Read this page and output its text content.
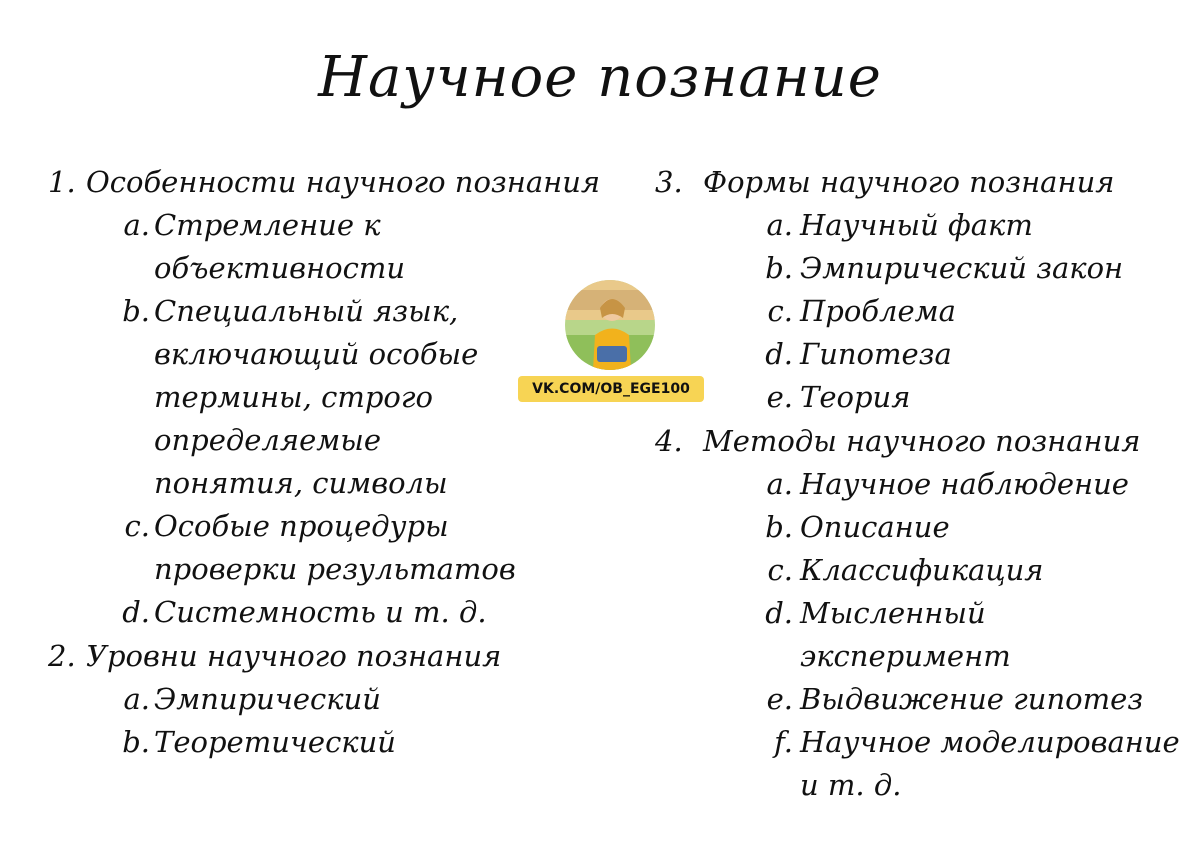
Научное познание
1. Особенности научного познания
a. Стремление к объективности
b. Специальный язык, включающий особые термины, строго определяемые понятия, символы
c. Особые процедуры проверки результатов
d. Системность и т. д.
2. Уровни научного познания
a. Эмпирический
b. Теоретический
3. Формы научного познания
a. Научный факт
b. Эмпирический закон
c. Проблема
d. Гипотеза
e. Теория
4. Методы научного познания
a. Научное наблюдение
b. Описание
c. Классификация
d. Мысленный эксперимент
e. Выдвижение гипотез
f. Научное моделирование и т. д.
VK.COM/OB_EGE100
